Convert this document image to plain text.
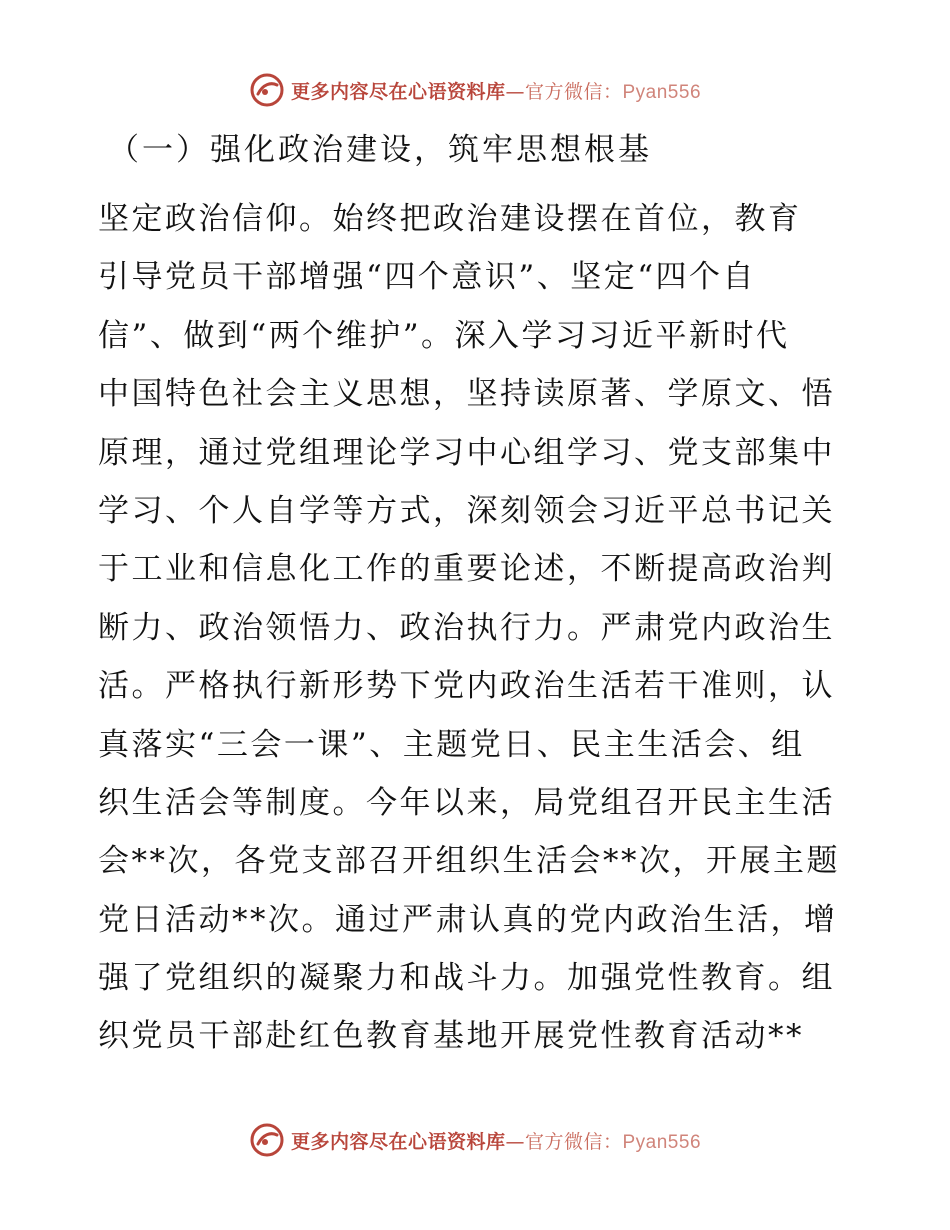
更多内容尽在心语资料库—官方微信：Pyan556
（一）强化政治建设，筑牢思想根基
坚定政治信仰。始终把政治建设摆在首位，教育
引导党员干部增强“四个意识”、坚定“四个自
信”、做到“两个维护”。深入学习习近平新时代
中国特色社会主义思想，坚持读原著、学原文、悟
原理，通过党组理论学习中心组学习、党支部集中
学习、个人自学等方式，深刻领会习近平总书记关
于工业和信息化工作的重要论述，不断提高政治判
断力、政治领悟力、政治执行力。严肃党内政治生
活。严格执行新形势下党内政治生活若干准则，认
真落实“三会一课”、主题党日、民主生活会、组
织生活会等制度。今年以来，局党组召开民主生活
会**次，各党支部召开组织生活会**次，开展主题
党日活动**次。通过严肃认真的党内政治生活，增
强了党组织的凝聚力和战斗力。加强党性教育。组
织党员干部赴红色教育基地开展党性教育活动**
更多内容尽在心语资料库—官方微信：Pyan556
